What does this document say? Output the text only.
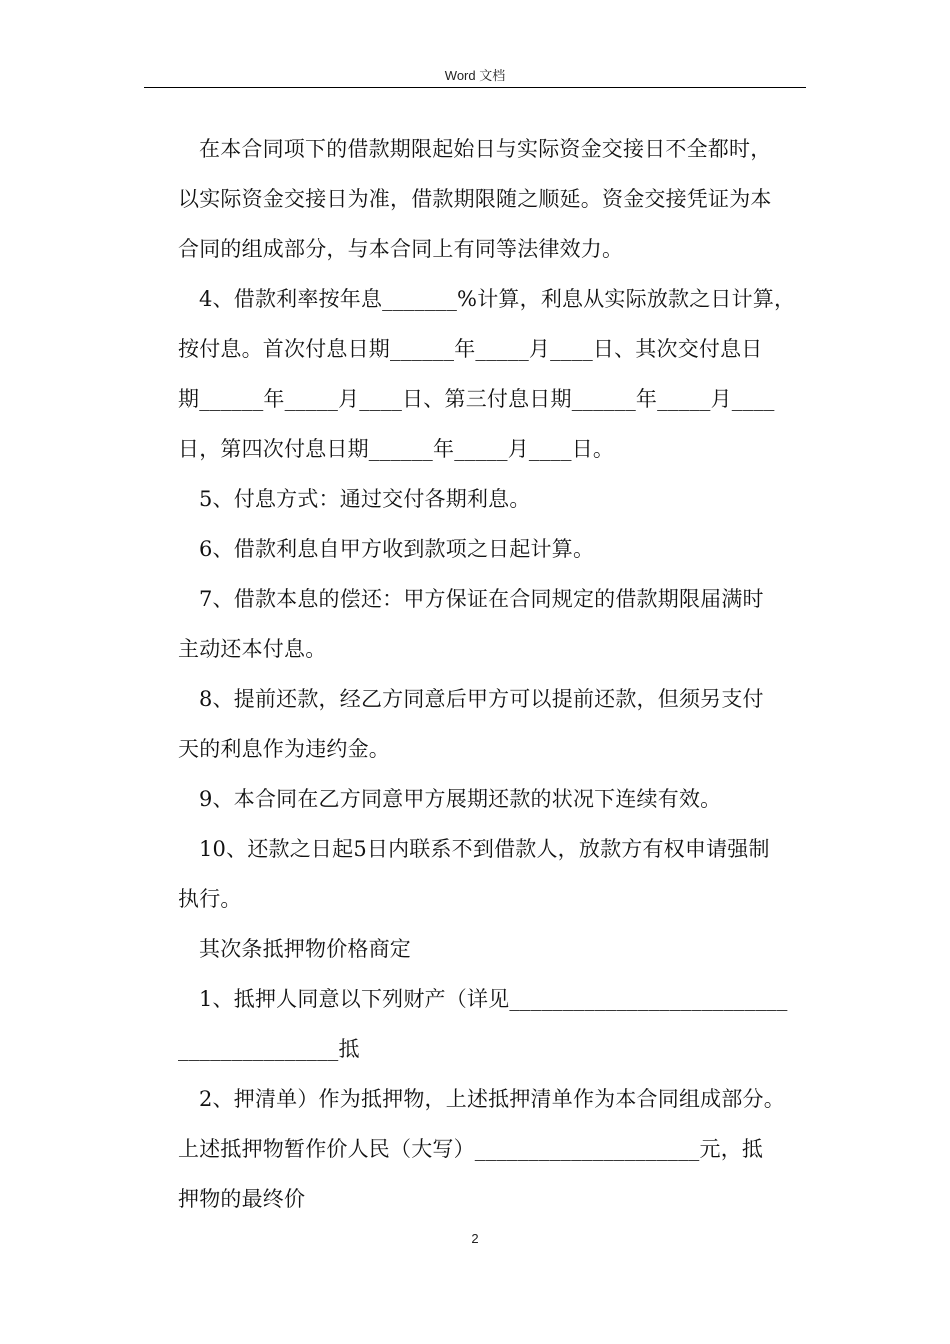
Word 文档

在本合同项下的借款期限起始日与实际资金交接日不全都时，

以实际资金交接日为准，借款期限随之顺延。资金交接凭证为本

合同的组成部分，与本合同上有同等法律效力。

4、借款利率按年息_______%计算，利息从实际放款之日计算，

按付息。首次付息日期______年_____月____日、其次交付息日

期______年_____月____日、第三付息日期______年_____月____

日，第四次付息日期______年_____月____日。

5、付息方式：通过交付各期利息。

6、借款利息自甲方收到款项之日起计算。

7、借款本息的偿还：甲方保证在合同规定的借款期限届满时

主动还本付息。

8、提前还款，经乙方同意后甲方可以提前还款，但须另支付

天的利息作为违约金。

9、本合同在乙方同意甲方展期还款的状况下连续有效。

10、还款之日起5日内联系不到借款人，放款方有权申请强制

执行。

其次条抵押物价格商定

1、抵押人同意以下列财产（详见__________________________

_______________抵

2、押清单）作为抵押物，上述抵押清单作为本合同组成部分。

上述抵押物暂作价人民（大写）_____________________元，抵

押物的最终价

2
